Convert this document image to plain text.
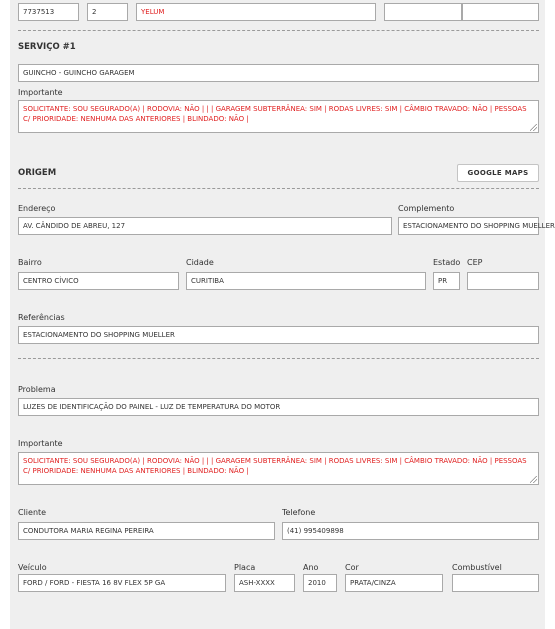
7737513	2	YELUM
SERVIÇO #1
GUINCHO - GUINCHO GARAGEM
Importante
SOLICITANTE: SOU SEGURADO(A) | RODOVIA: NÃO | | | GARAGEM SUBTERRÂNEA: SIM | RODAS LIVRES: SIM | CÂMBIO TRAVADO: NÃO | PESSOAS C/ PRIORIDADE: NENHUMA DAS ANTERIORES | BLINDADO: NÃO |
ORIGEM	GOOGLE MAPS
Endereço
AV. CÂNDIDO DE ABREU, 127
Complemento
ESTACIONAMENTO DO SHOPPING MUELLER
Bairro
CENTRO CÍVICO
Cidade
CURITIBA
Estado
PR
CEP
Referências
ESTACIONAMENTO DO SHOPPING MUELLER
Problema
LUZES DE IDENTIFICAÇÃO DO PAINEL - LUZ DE TEMPERATURA DO MOTOR
Importante
SOLICITANTE: SOU SEGURADO(A) | RODOVIA: NÃO | | | GARAGEM SUBTERRÂNEA: SIM | RODAS LIVRES: SIM | CÂMBIO TRAVADO: NÃO | PESSOAS C/ PRIORIDADE: NENHUMA DAS ANTERIORES | BLINDADO: NÃO |
Cliente
CONDUTORA MARIA REGINA PEREIRA
Telefone
(41) 995409898
Veículo
FORD / FORD - FIESTA 16 8V FLEX 5P GA
Placa
ASH-XXXX
Ano
2010
Cor
PRATA/CINZA
Combustível
